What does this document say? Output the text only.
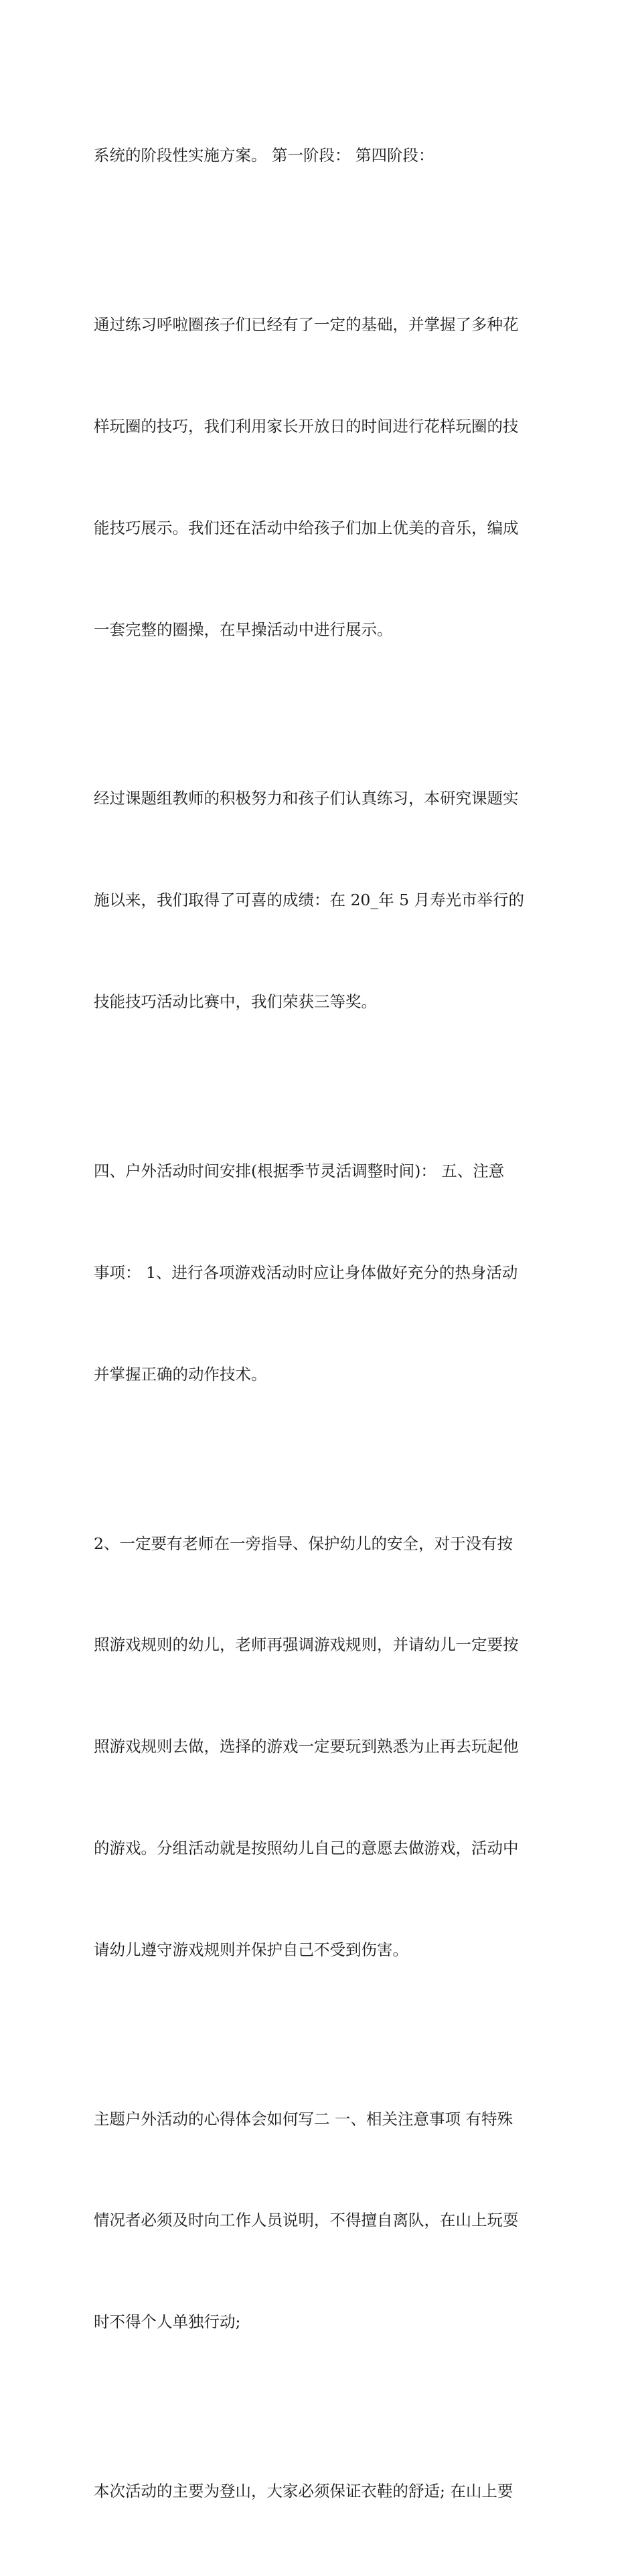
系统的阶段性实施方案。 第一阶段： 第四阶段：

通过练习呼啦圈孩子们已经有了一定的基础，并掌握了多种花

样玩圈的技巧，我们利用家长开放日的时间进行花样玩圈的技

能技巧展示。我们还在活动中给孩子们加上优美的音乐，编成

一套完整的圈操，在早操活动中进行展示。

经过课题组教师的积极努力和孩子们认真练习，本研究课题实

施以来，我们取得了可喜的成绩：在 20_年 5 月寿光市举行的

技能技巧活动比赛中，我们荣获三等奖。

四、户外活动时间安排(根据季节灵活调整时间)： 五、注意

事项： 1、进行各项游戏活动时应让身体做好充分的热身活动

并掌握正确的动作技术。

2、一定要有老师在一旁指导、保护幼儿的安全，对于没有按

照游戏规则的幼儿，老师再强调游戏规则，并请幼儿一定要按

照游戏规则去做，选择的游戏一定要玩到熟悉为止再去玩起他

的游戏。分组活动就是按照幼儿自己的意愿去做游戏，活动中

请幼儿遵守游戏规则并保护自己不受到伤害。

主题户外活动的心得体会如何写二 一、相关注意事项 有特殊

情况者必须及时向工作人员说明，不得擅自离队，在山上玩耍

时不得个人单独行动;

本次活动的主要为登山，大家必须保证衣鞋的舒适; 在山上要
